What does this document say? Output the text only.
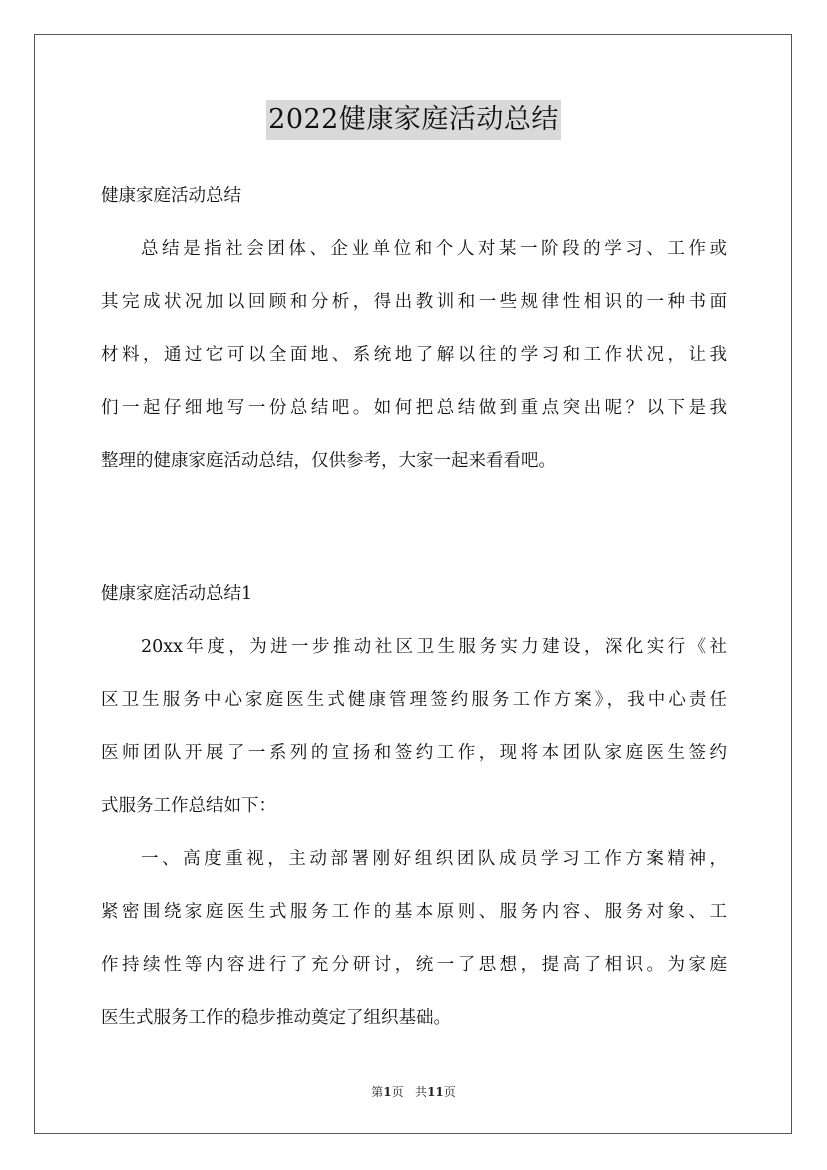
2022健康家庭活动总结
健康家庭活动总结
总结是指社会团体、企业单位和个人对某一阶段的学习、工作或
其完成状况加以回顾和分析，得出教训和一些规律性相识的一种书面
材料，通过它可以全面地、系统地了解以往的学习和工作状况，让我
们一起仔细地写一份总结吧。如何把总结做到重点突出呢？以下是我
整理的健康家庭活动总结，仅供参考，大家一起来看看吧。
健康家庭活动总结1
20xx年度，为进一步推动社区卫生服务实力建设，深化实行《社
区卫生服务中心家庭医生式健康管理签约服务工作方案》，我中心责任
医师团队开展了一系列的宣扬和签约工作，现将本团队家庭医生签约
式服务工作总结如下：
一、高度重视，主动部署刚好组织团队成员学习工作方案精神，
紧密围绕家庭医生式服务工作的基本原则、服务内容、服务对象、工
作持续性等内容进行了充分研讨，统一了思想，提高了相识。为家庭
医生式服务工作的稳步推动奠定了组织基础。
第1页 共11页
